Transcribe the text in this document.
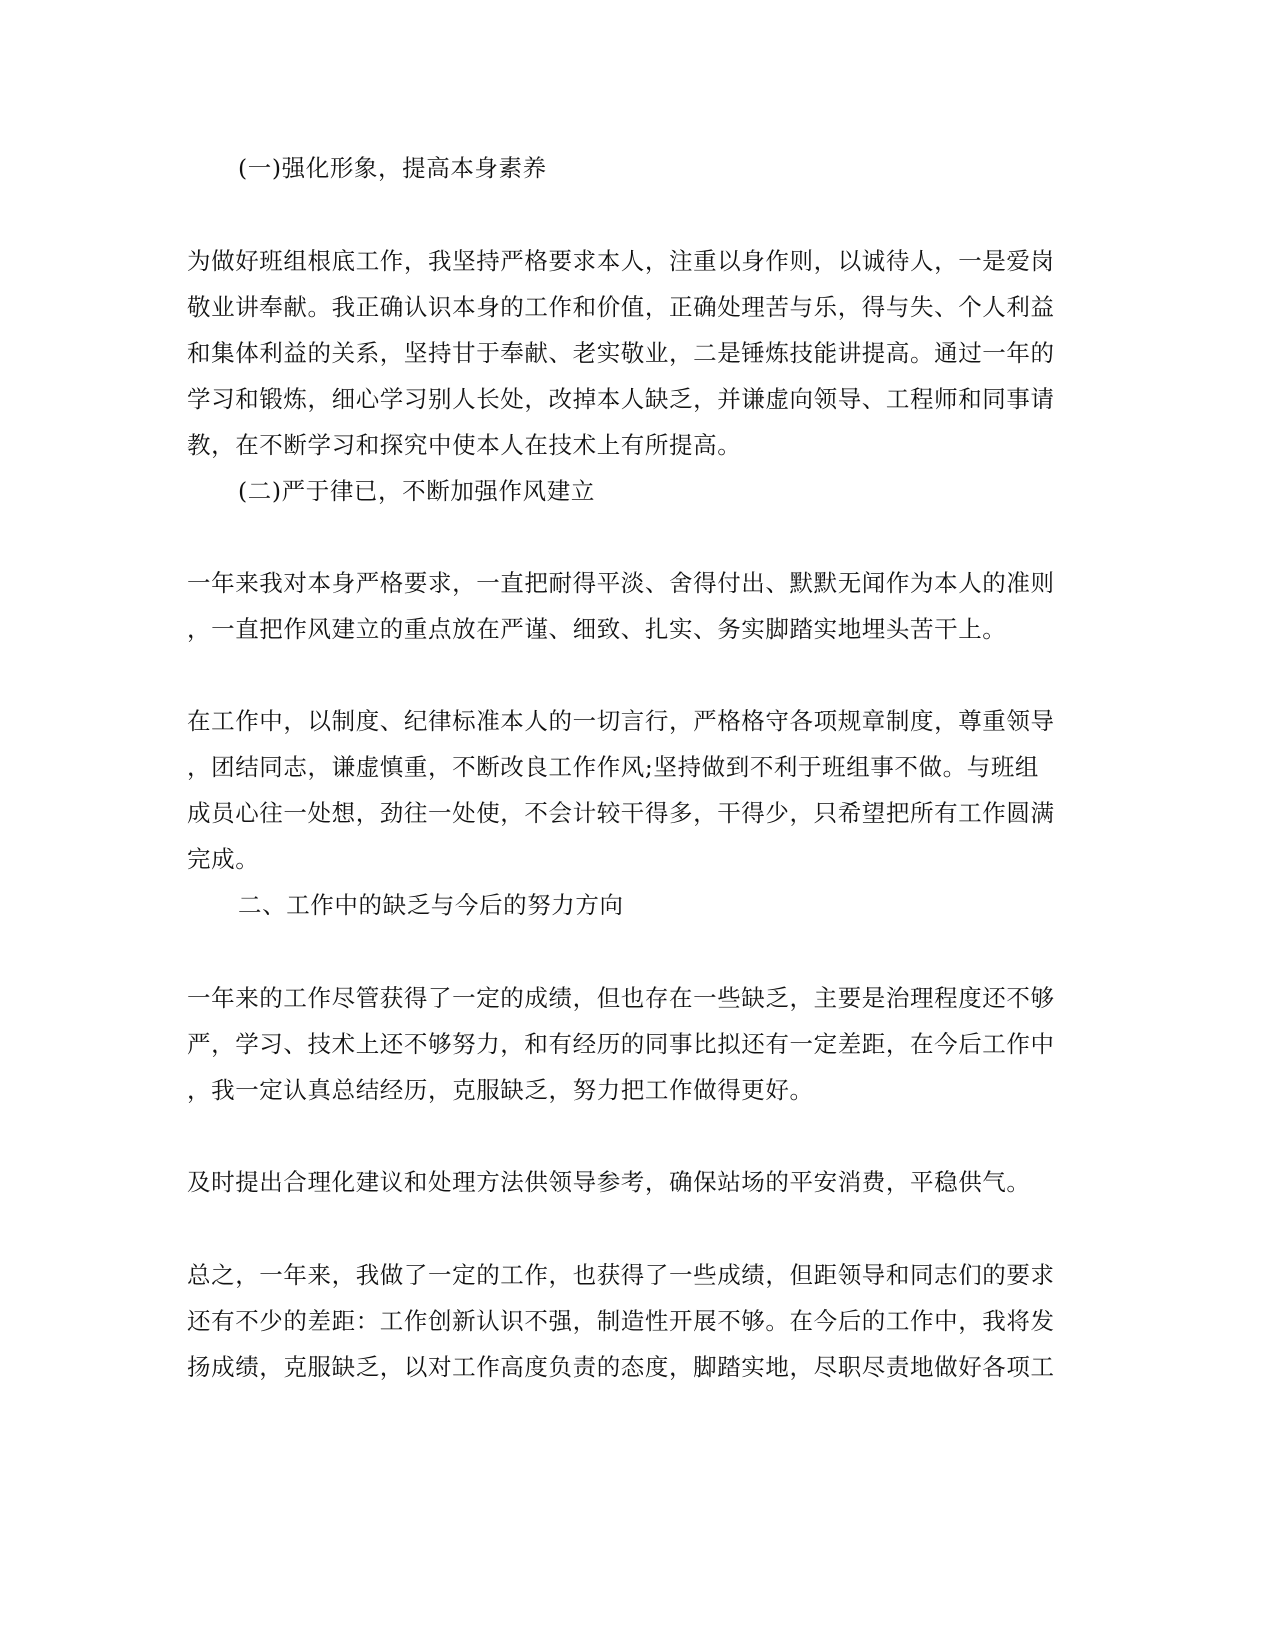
(一)强化形象，提高本身素养
为做好班组根底工作，我坚持严格要求本人，注重以身作则，以诚待人，一是爱岗
敬业讲奉献。我正确认识本身的工作和价值，正确处理苦与乐，得与失、个人利益
和集体利益的关系，坚持甘于奉献、老实敬业，二是锤炼技能讲提高。通过一年的
学习和锻炼，细心学习别人长处，改掉本人缺乏，并谦虚向领导、工程师和同事请
教，在不断学习和探究中使本人在技术上有所提高。
(二)严于律已，不断加强作风建立
一年来我对本身严格要求，一直把耐得平淡、舍得付出、默默无闻作为本人的准则
，一直把作风建立的重点放在严谨、细致、扎实、务实脚踏实地埋头苦干上。
在工作中，以制度、纪律标准本人的一切言行，严格格守各项规章制度，尊重领导
，团结同志，谦虚慎重，不断改良工作作风;坚持做到不利于班组事不做。与班组
成员心往一处想，劲往一处使，不会计较干得多，干得少，只希望把所有工作圆满
完成。
二、工作中的缺乏与今后的努力方向
一年来的工作尽管获得了一定的成绩，但也存在一些缺乏，主要是治理程度还不够
严，学习、技术上还不够努力，和有经历的同事比拟还有一定差距，在今后工作中
，我一定认真总结经历，克服缺乏，努力把工作做得更好。
及时提出合理化建议和处理方法供领导参考，确保站场的平安消费，平稳供气。
总之，一年来，我做了一定的工作，也获得了一些成绩，但距领导和同志们的要求
还有不少的差距：工作创新认识不强，制造性开展不够。在今后的工作中，我将发
扬成绩，克服缺乏，以对工作高度负责的态度，脚踏实地，尽职尽责地做好各项工
